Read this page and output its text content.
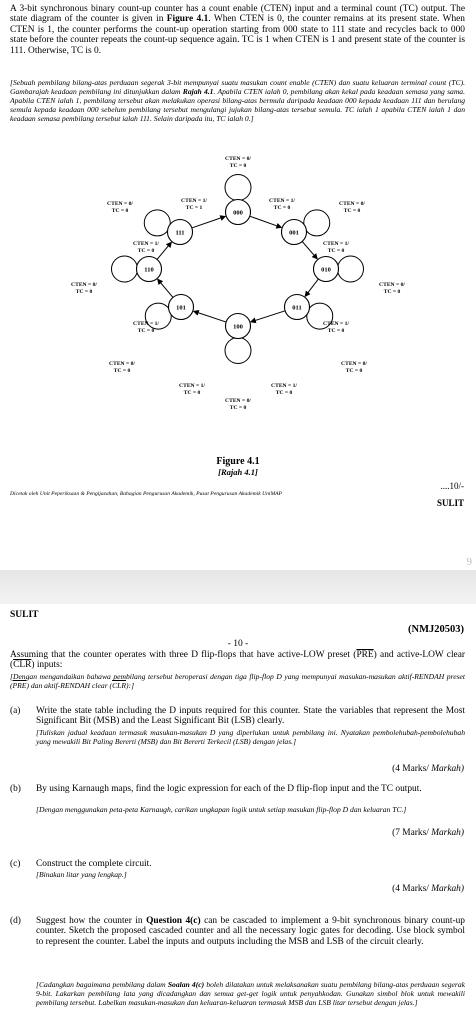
A 3-bit synchronous binary count-up counter has a count enable (CTEN) input and a terminal count (TC) output. The state diagram of the counter is given in Figure 4.1. When CTEN is 0, the counter remains at its present state. When CTEN is 1, the counter performs the count-up operation starting from 000 state to 111 state and recycles back to 000 state before the counter repeats the count-up sequence again. TC is 1 when CTEN is 1 and present state of the counter is 111. Otherwise, TC is 0.
[Sebuah pembilang bilang-atas perduaan segerak 3-bit mempunyai suatu masukan count enable (CTEN) dan suatu keluaran terminal count (TC). Gambarajah keadaan pembilang ini ditunjukkan dalam Rajah 4.1. Apabila CTEN ialah 0, pembilang akan kekal pada keadaan semasa yang sama. Apabila CTEN ialah 1, pembilang tersebut akan melakukan operasi bilang-atas bermula daripada keadaan 000 kepada keadaan 111 dan berulang semula kepada keadaan 000 sebelum pembilang tersebut mengulangi jujukan bilang-atas tersebut semula. TC ialah 1 apabila CTEN ialah 1 dan keadaan semasa pembilang tersebut ialah 111. Selain daripada itu, TC ialah 0.]
000
001
010
011
100
101
110
111
CTEN = 0/
TC = 0
CTEN = 1/
TC = 1
CTEN = 1/
TC = 0
CTEN = 0/
TC = 0
CTEN = 0/
TC = 0
CTEN = 1/
TC = 0
CTEN = 1/
TC = 0
CTEN = 0/
TC = 0
CTEN = 0/
TC = 0
CTEN = 1/
TC = 0
CTEN = 1/
TC = 0
CTEN = 0/
TC = 0
CTEN = 0/
TC = 0
CTEN = 1/
TC = 0
CTEN = 1/
TC = 0
CTEN = 0/
TC = 0
Figure 4.1
[Rajah 4.1]
....10/-
Dicetak oleh Unit Peperiksaan & Pengijazahan, Bahagian Pengurusan Akademik, Pusat Pengurusan Akademik UniMAP
SULIT
9
SULIT
(NMJ20503)
- 10 -
Assuming that the counter operates with three D flip-flops that have active-LOW preset $(\overline{PRE})$ and active-LOW clear $(\overline{CLR})$ inputs:
[Dengan mengandaikan bahawa pembilang tersebut beroperasi dengan tiga flip-flop D yang mempunyai masukan-masukan aktif-RENDAH preset $(\overline{PRE})$ dan aktif-RENDAH clear $(\overline{CLR})$:]
(a) Write the state table including the D inputs required for this counter. State the variables that represent the Most Significant Bit (MSB) and the Least Significant Bit (LSB) clearly.
[Tuliskan jadual keadaan termasuk masukan-masukan D yang diperlukan untuk pembilang ini. Nyatakan pembolehubah-pembolehubah yang mewakili Bit Paling Bererti (MSB) dan Bit Bererti Terkecil (LSB) dengan jelas.]
(4 Marks/ Markah)
(b) By using Karnaugh maps, find the logic expression for each of the D flip-flop input and the TC output.
[Dengan menggunakan peta-peta Karnaugh, carikan ungkapan logik untuk setiap masukan flip-flop D dan keluaran TC.]
(7 Marks/ Markah)
(c) Construct the complete circuit.
[Binakan litar yang lengkap.]
(4 Marks/ Markah)
(d) Suggest how the counter in Question 4(c) can be cascaded to implement a 9-bit synchronous binary count-up counter. Sketch the proposed cascaded counter and all the necessary logic gates for decoding. Use block symbol to represent the counter. Label the inputs and outputs including the MSB and LSB of the circuit clearly.
[Cadangkan bagaimana pembilang dalam Soalan 4(c) boleh dilatakan untuk melaksanakan suatu pembilang bilang-atas perduaan segerak 9-bit. Lakarkan pembilang lata yang dicadangkan dan semua get-get logik untuk penyahkodan. Gunakan simbol blok untuk mewakili pembilang tersebut. Labelkan masukan-masukan dan keluaran-keluaran termasuk MSB dan LSB litar tersebut dengan jelas.]
